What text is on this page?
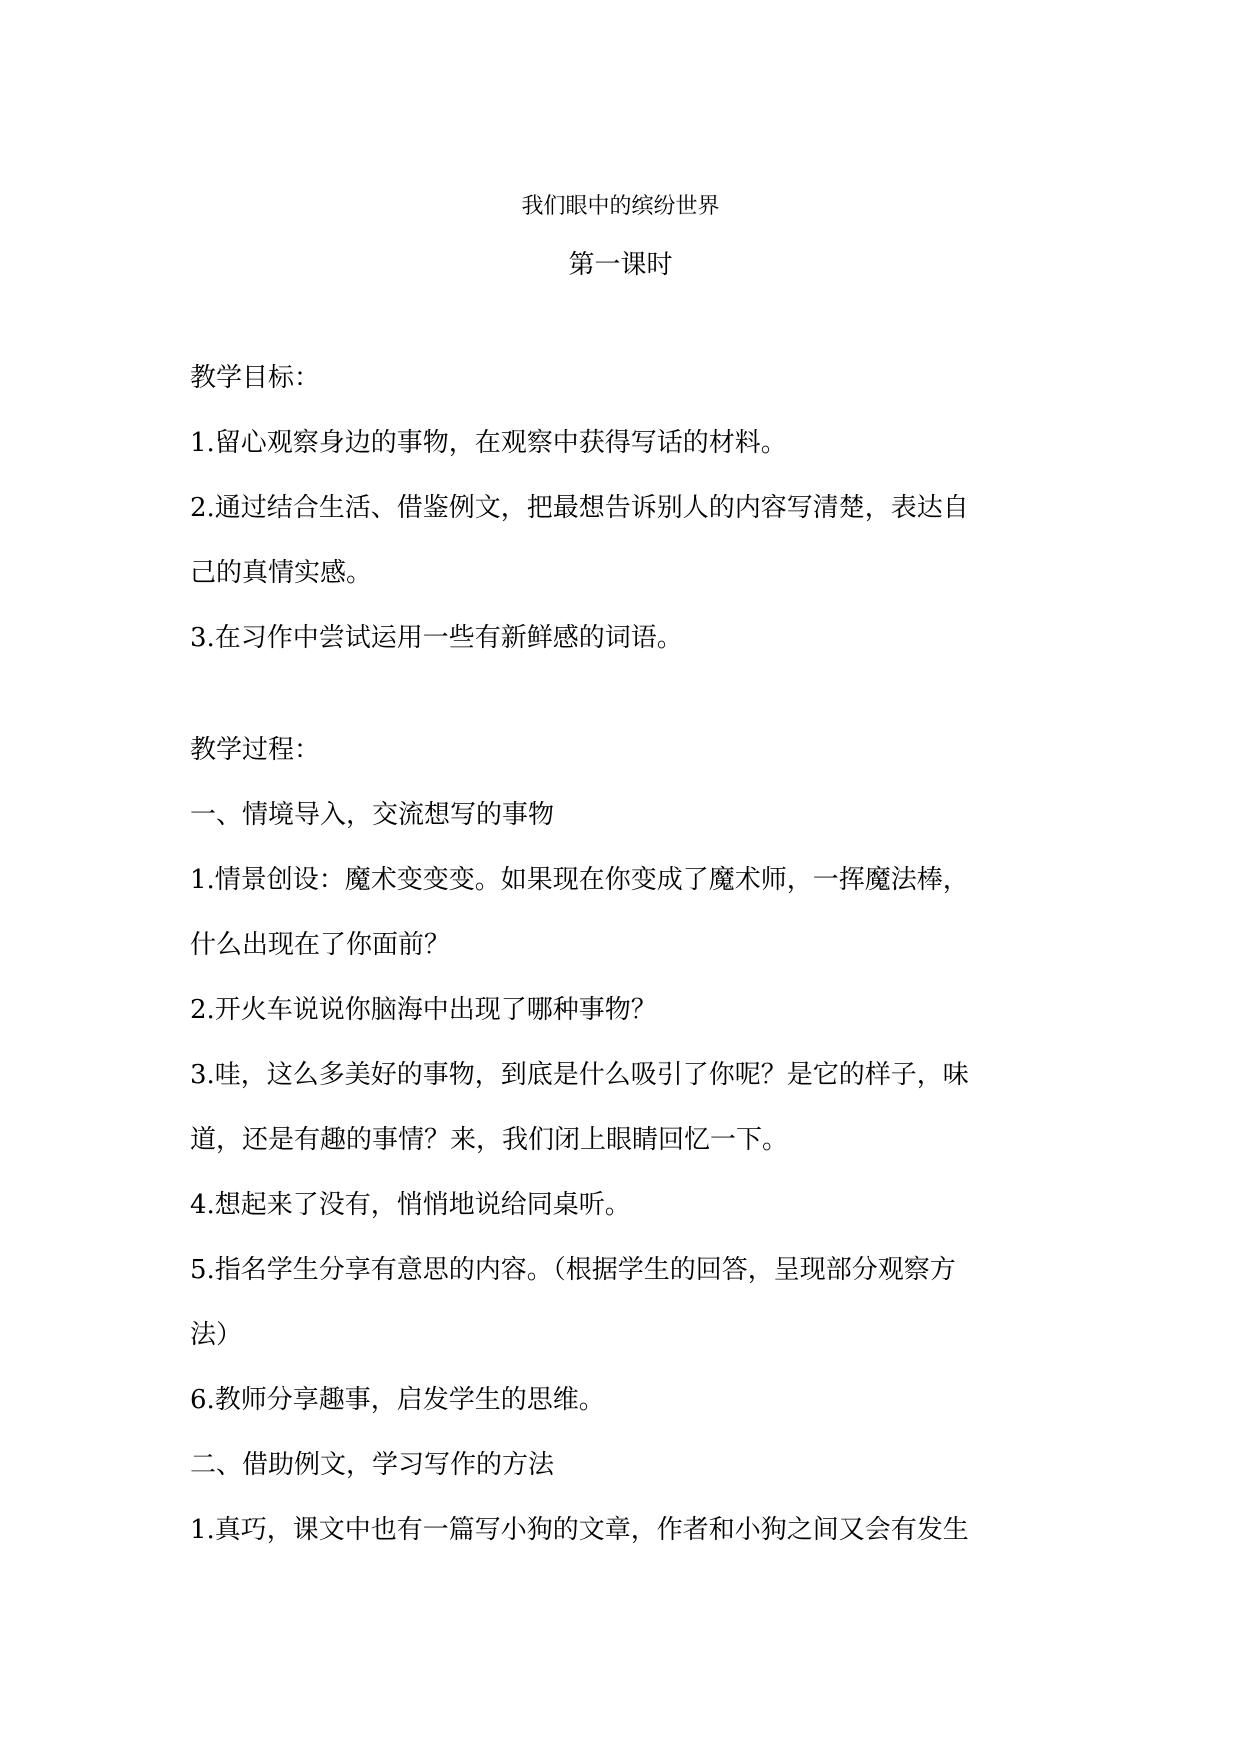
我们眼中的缤纷世界
第一课时
教学目标：
1.留心观察身边的事物，在观察中获得写话的材料。
2.通过结合生活、借鉴例文，把最想告诉别人的内容写清楚，表达自
己的真情实感。
3.在习作中尝试运用一些有新鲜感的词语。
教学过程：
一、情境导入，交流想写的事物
1.情景创设：魔术变变变。如果现在你变成了魔术师，一挥魔法棒，
什么出现在了你面前？
2.开火车说说你脑海中出现了哪种事物？
3.哇，这么多美好的事物，到底是什么吸引了你呢？是它的样子，味
道，还是有趣的事情？来，我们闭上眼睛回忆一下。
4.想起来了没有，悄悄地说给同桌听。
5.指名学生分享有意思的内容。（根据学生的回答，呈现部分观察方
法）
6.教师分享趣事，启发学生的思维。
二、借助例文，学习写作的方法
1.真巧，课文中也有一篇写小狗的文章，作者和小狗之间又会有发生
